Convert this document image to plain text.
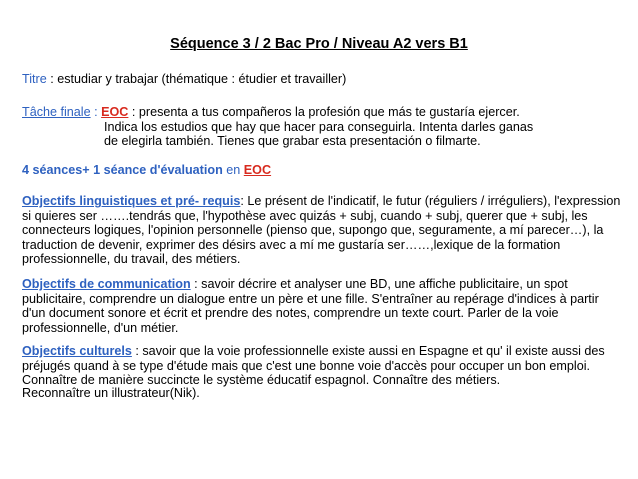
Séquence 3 / 2 Bac Pro / Niveau A2 vers B1
Titre : estudiar y trabajar (thématique : étudier et travailler)
Tâche finale : EOC : presenta a tus compañeros la profesión que más te gustaría ejercer.
Indica los estudios que hay que hacer para conseguirla. Intenta darles ganas
de elegirla también. Tienes que grabar esta presentación o filmarte.
4 séances+ 1 séance d'évaluation en EOC
Objectifs linguistiques et pré- requis: Le présent de l'indicatif, le futur (réguliers / irréguliers), l'expression si quieres ser …….tendrás que, l'hypothèse avec quizás + subj, cuando + subj, querer que + subj, les connecteurs logiques, l'opinion personnelle (pienso que, supongo que, seguramente, a mí parecer…), la traduction de devenir, exprimer des désirs avec a mí me gustaría ser……,lexique de la formation professionnelle, du travail, des métiers.
Objectifs de communication : savoir décrire et analyser une BD, une affiche publicitaire, un spot publicitaire, comprendre un dialogue entre un père et une fille. S'entraîner au repérage d'indices à partir d'un document sonore et écrit et prendre des notes, comprendre un texte court. Parler de la voie professionnelle, d'un métier.
Objectifs culturels : savoir que la voie professionnelle existe aussi en Espagne et qu' il existe aussi des préjugés quand à se type d'étude mais que c'est une bonne voie d'accès pour occuper un bon emploi. Connaître de manière succincte le système éducatif espagnol. Connaître des métiers.
Reconnaître un illustrateur(Nik).
